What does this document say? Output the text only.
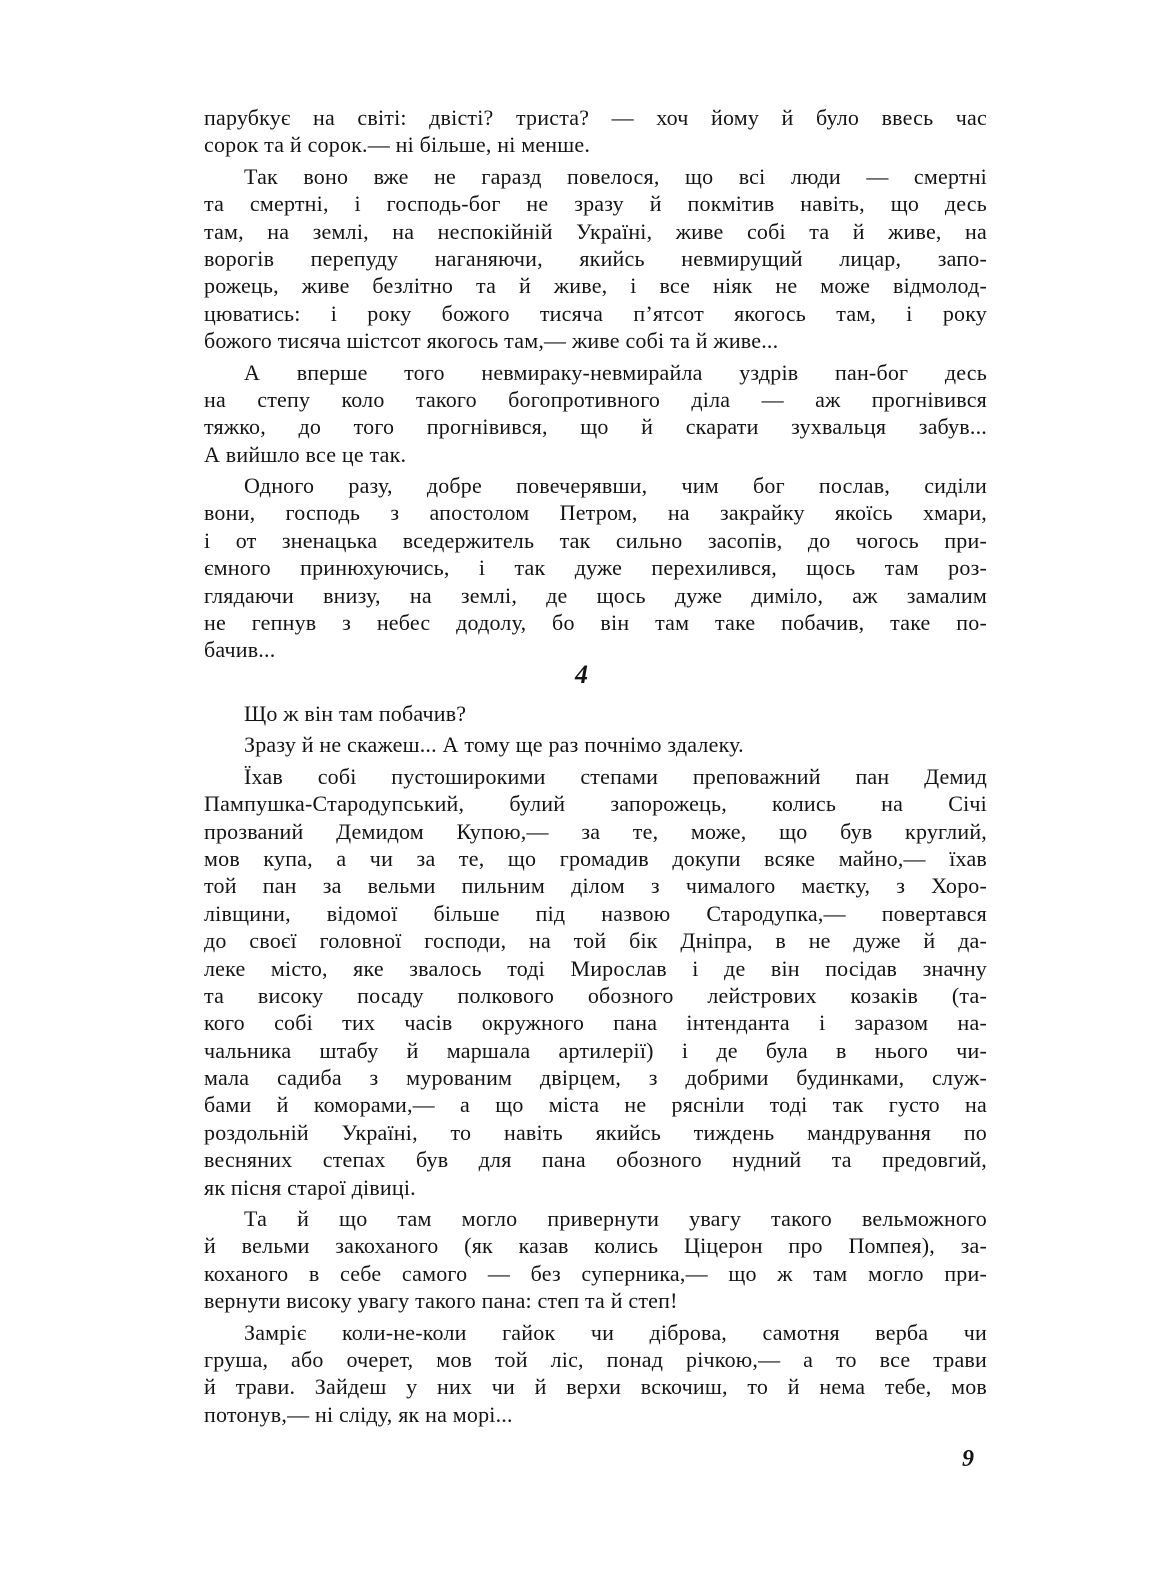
парубкує на світі: двісті? триста? — хоч йому й було ввесь час
сорок та й сорок.— ні більше, ні менше.
Так воно вже не гаразд повелося, що всі люди — смертні
та смертні, і господь-бог не зразу й покмітив навіть, що десь
там, на землі, на неспокійній Україні, живе собі та й живе, на
ворогів перепуду наганяючи, якийсь невмирущий лицар, запо-
рожець, живе безлітно та й живе, і все ніяк не може відмолод-
цюватись: і року божого тисяча п’ятсот якогось там, і року
божого тисяча шістсот якогось там,— живе собі та й живе...
А вперше того невмираку-невмирайла уздрів пан-бог десь
на степу коло такого богопротивного діла — аж прогнівився
тяжко, до того прогнівився, що й скарати зухвальця забув...
А вийшло все це так.
Одного разу, добре повечерявши, чим бог послав, сиділи
вони, господь з апостолом Петром, на закрайку якоїсь хмари,
і от зненацька вседержитель так сильно засопів, до чогось при-
ємного принюхуючись, і так дуже перехилився, щось там роз-
глядаючи внизу, на землі, де щось дуже диміло, аж замалим
не гепнув з небес додолу, бо він там таке побачив, таке по-
бачив...
4
Що ж він там побачив?
Зразу й не скажеш... А тому ще раз почнімо здалеку.
Їхав собі пустоширокими степами преповажний пан Демид
Пампушка-Стародупський, булий запорожець, колись на Січі
прозваний Демидом Купою,— за те, може, що був круглий,
мов купа, а чи за те, що громадив докупи всяке майно,— їхав
той пан за вельми пильним ділом з чималого маєтку, з Хоро-
лівщини, відомої більше під назвою Стародупка,— повертався
до своєї головної господи, на той бік Дніпра, в не дуже й да-
леке місто, яке звалось тоді Мирослав і де він посідав значну
та високу посаду полкового обозного лейстрових козаків (та-
кого собі тих часів окружного пана інтенданта і заразом на-
чальника штабу й маршала артилерії) і де була в нього чи-
мала садиба з мурованим двірцем, з добрими будинками, служ-
бами й коморами,— а що міста не рясніли тоді так густо на
роздольній Україні, то навіть якийсь тиждень мандрування по
весняних степах був для пана обозного нудний та предовгий,
як пісня старої дівиці.
Та й що там могло привернути увагу такого вельможного
й вельми закоханого (як казав колись Ціцерон про Помпея), за-
коханого в себе самого — без суперника,— що ж там могло при-
вернути високу увагу такого пана: степ та й степ!
Замріє коли-не-коли гайок чи діброва, самотня верба чи
груша, або очерет, мов той ліс, понад річкою,— а то все трави
й трави. Зайдеш у них чи й верхи вскочиш, то й нема тебе, мов
потонув,— ні сліду, як на морі...
9
